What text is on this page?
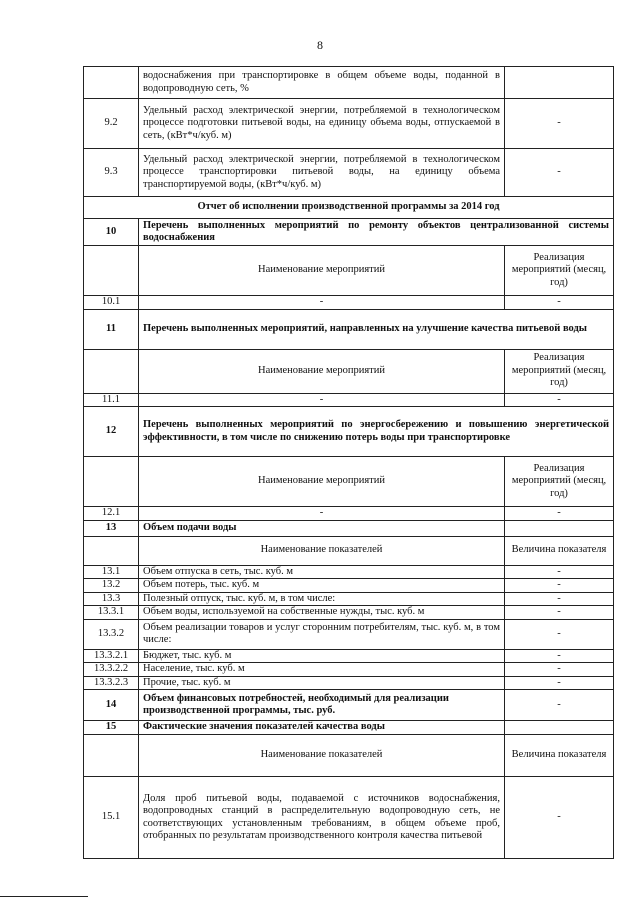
8
	водоснабжения при транспортировке в общем объеме воды, поданной в водопроводную сеть, %	
9.2	Удельный расход электрической энергии, потребляемой в технологическом процессе подготовки питьевой воды, на единицу объема воды, отпускаемой в сеть, (кВт*ч/куб. м)	-
9.3	Удельный расход электрической энергии, потребляемой в технологическом процессе транспортировки питьевой воды, на единицу объема транспортируемой воды, (кВт*ч/куб. м)	-
Отчет об исполнении производственной программы за 2014 год		
10	Перечень выполненных мероприятий по ремонту объектов централизованной системы водоснабжения	
	Наименование мероприятий	Реализация мероприятий (месяц, год)
10.1	-	-
11	Перечень выполненных мероприятий, направленных на улучшение качества питьевой воды	
	Наименование мероприятий	Реализация мероприятий (месяц, год)
11.1	-	-
12	Перечень выполненных мероприятий по энергосбережению и повышению энергетической эффективности, в том числе по снижению потерь воды при транспортировке	
	Наименование мероприятий	Реализация мероприятий (месяц, год)
12.1	-	-
13	Объем подачи воды	
	Наименование показателей	Величина показателя
13.1	Объем отпуска в сеть, тыс. куб. м	-
13.2	Объем потерь, тыс. куб. м	-
13.3	Полезный отпуск, тыс. куб. м, в том числе:	-
13.3.1	Объем воды, используемой на собственные нужды, тыс. куб. м	-
13.3.2	Объем реализации товаров и услуг сторонним потребителям, тыс. куб. м, в том числе:	-
13.3.2.1	Бюджет, тыс. куб. м	-
13.3.2.2	Население, тыс. куб. м	-
13.3.2.3	Прочие, тыс. куб. м	-
14	Объем финансовых потребностей, необходимый для реализации производственной программы, тыс. руб.	-
15	Фактические значения показателей качества воды	
	Наименование показателей	Величина показателя
15.1	Доля проб питьевой воды, подаваемой с источников водоснабжения, водопроводных станций в распределительную водопроводную сеть, не соответствующих установленным требованиям, в общем объеме проб, отобранных по результатам производственного контроля качества питьевой	-
